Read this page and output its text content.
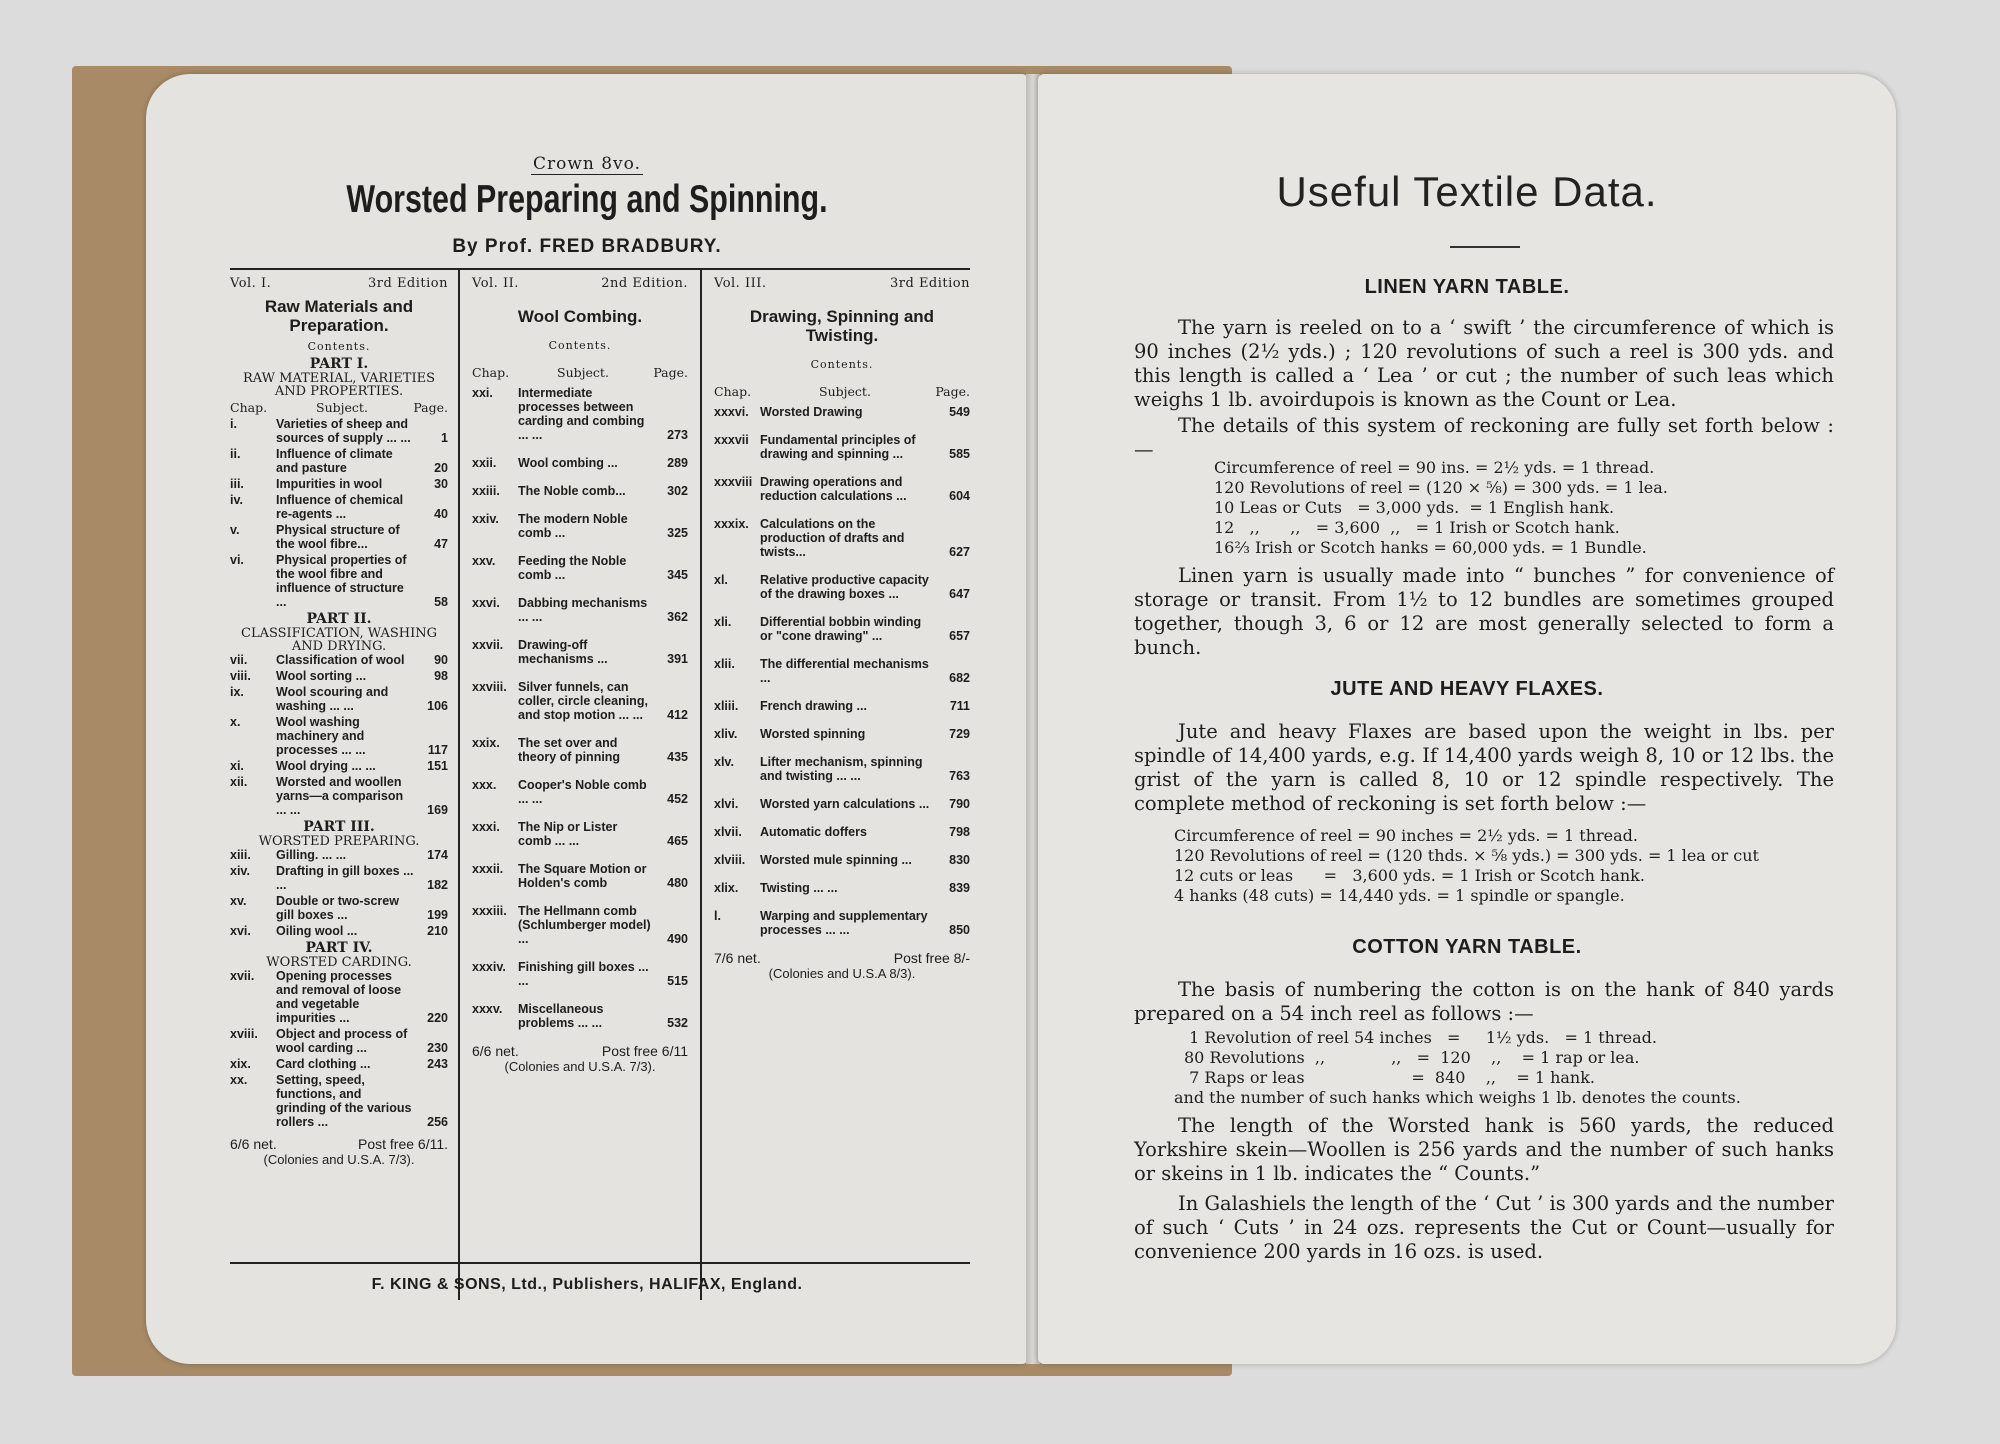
Crown 8vo.
Worsted Preparing and Spinning.
By Prof. FRED BRADBURY.
Vol. I.	3rd Edition
Raw Materials and Preparation.
Contents.
PART I.
RAW MATERIAL, VARIETIES AND PROPERTIES.
Chap.	Subject.	Page.
i.	Varieties of sheep and sources of supply ... ...	1
ii.	Influence of climate and pasture	20
iii.	Impurities in wool	30
iv.	Influence of chemical re-agents ...	40
v.	Physical structure of the wool fibre...	47
vi.	Physical properties of the wool fibre and influence of structure ...	58
PART II.
CLASSIFICATION, WASHING AND DRYING.
vii.	Classification of wool	90
viii.	Wool sorting ...	98
ix.	Wool scouring and washing ... ...	106
x.	Wool washing machinery and processes ... ...	117
xi.	Wool drying ... ...	151
xii.	Worsted and woollen yarns—a comparison ... ...	169
PART III.
WORSTED PREPARING.
xiii.	Gilling. ... ...	174
xiv.	Drafting in gill boxes ... ...	182
xv.	Double or two-screw gill boxes ...	199
xvi.	Oiling wool ...	210
PART IV.
WORSTED CARDING.
xvii.	Opening processes and removal of loose and vegetable impurities ...	220
xviii.	Object and process of wool carding ...	230
xix.	Card clothing ...	243
xx.	Setting, speed, functions, and grinding of the various rollers ...	256
6/6 net.	Post free 6/11.
(Colonies and U.S.A. 7/3).
Vol. II.	2nd Edition.
Wool Combing.
Contents.
Chap.	Subject.	Page.
xxi.	Intermediate processes between carding and combing ... ...	273
xxii.	Wool combing ...	289
xxiii.	The Noble comb...	302
xxiv.	The modern Noble comb ...	325
xxv.	Feeding the Noble comb ...	345
xxvi.	Dabbing mechanisms ... ...	362
xxvii.	Drawing-off mechanisms ...	391
xxviii. Silver funnels, can coller, circle cleaning, and stop motion ... ...	412
xxix.	The set over and theory of pinning	435
xxx.	Cooper's Noble comb ... ...	452
xxxi.	The Nip or Lister comb ... ...	465
xxxii.	The Square Motion or Holden's comb	480
xxxiii. The Hellmann comb (Schlumberger model) ...	490
xxxiv. Finishing gill boxes ... ...	515
xxxv.	Miscellaneous problems ... ...	532
6/6 net.	Post free 6/11
(Colonies and U.S.A. 7/3).
Vol. III.	3rd Edition
Drawing, Spinning and Twisting.
Contents.
Chap.	Subject.	Page.
xxxvi. Worsted Drawing	549
xxxvii Fundamental principles of drawing and spinning ...	585
xxxviii Drawing operations and reduction calculations ...	604
xxxix. Calculations on the production of drafts and twists...	627
xl.	Relative productive capacity of the drawing boxes ...	647
xli.	Differential bobbin winding or "cone drawing" ...	657
xlii.	The differential mechanisms ...	682
xliii.	French drawing ...	711
xliv.	Worsted spinning	729
xlv.	Lifter mechanism, spinning and twisting ... ...	763
xlvi.	Worsted yarn calculations ...	790
xlvii.	Automatic doffers	798
xlviii.	Worsted mule spinning ...	830
xlix.	Twisting ... ...	839
l.	Warping and supplementary processes ... ...	850
7/6 net.	Post free 8/-
(Colonies and U.S.A 8/3).
F. KING & SONS, Ltd., Publishers, HALIFAX, England.
Useful Textile Data.
LINEN YARN TABLE.
The yarn is reeled on to a ‘ swift ’ the circumference of which is 90 inches (2½ yds.) ; 120 revolutions of such a reel is 300 yds. and this length is called a ‘ Lea ’ or cut ; the number of such leas which weighs 1 lb. avoirdupois is known as the Count or Lea.
The details of this system of reckoning are fully set forth below :—
Circumference of reel = 90 ins. = 2½ yds. = 1 thread.
120 Revolutions of reel = (120 × ⅝) = 300 yds. = 1 lea.
10 Leas or Cuts   = 3,000 yds.  = 1 English hank.
12   ,,      ,,   = 3,600  ,,   = 1 Irish or Scotch hank.
16⅔ Irish or Scotch hanks = 60,000 yds. = 1 Bundle.
Linen yarn is usually made into “ bunches ” for convenience of storage or transit. From 1½ to 12 bundles are sometimes grouped together, though 3, 6 or 12 are most generally selected to form a bunch.
JUTE AND HEAVY FLAXES.
Jute and heavy Flaxes are based upon the weight in lbs. per spindle of 14,400 yards, e.g. If 14,400 yards weigh 8, 10 or 12 lbs. the grist of the yarn is called 8, 10 or 12 spindle respectively. The complete method of reckoning is set forth below :—
Circumference of reel = 90 inches = 2½ yds. = 1 thread.
120 Revolutions of reel = (120 thds. × ⅝ yds.) = 300 yds. = 1 lea or cut
12 cuts or leas      =   3,600 yds. = 1 Irish or Scotch hank.
4 hanks (48 cuts) = 14,440 yds. = 1 spindle or spangle.
COTTON YARN TABLE.
The basis of numbering the cotton is on the hank of 840 yards prepared on a 54 inch reel as follows :—
1 Revolution of reel 54 inches   =     1½ yds.   = 1 thread.
80 Revolutions  ,,             ,,   =  120    ,,    = 1 rap or lea.
7 Raps or leas                     =  840    ,,    = 1 hank.
and the number of such hanks which weighs 1 lb. denotes the counts.
The length of the Worsted hank is 560 yards, the reduced Yorkshire skein—Woollen is 256 yards and the number of such hanks or skeins in 1 lb. indicates the “ Counts.”
In Galashiels the length of the ‘ Cut ’ is 300 yards and the number of such ‘ Cuts ’ in 24 ozs. represents the Cut or Count—usually for convenience 200 yards in 16 ozs. is used.
